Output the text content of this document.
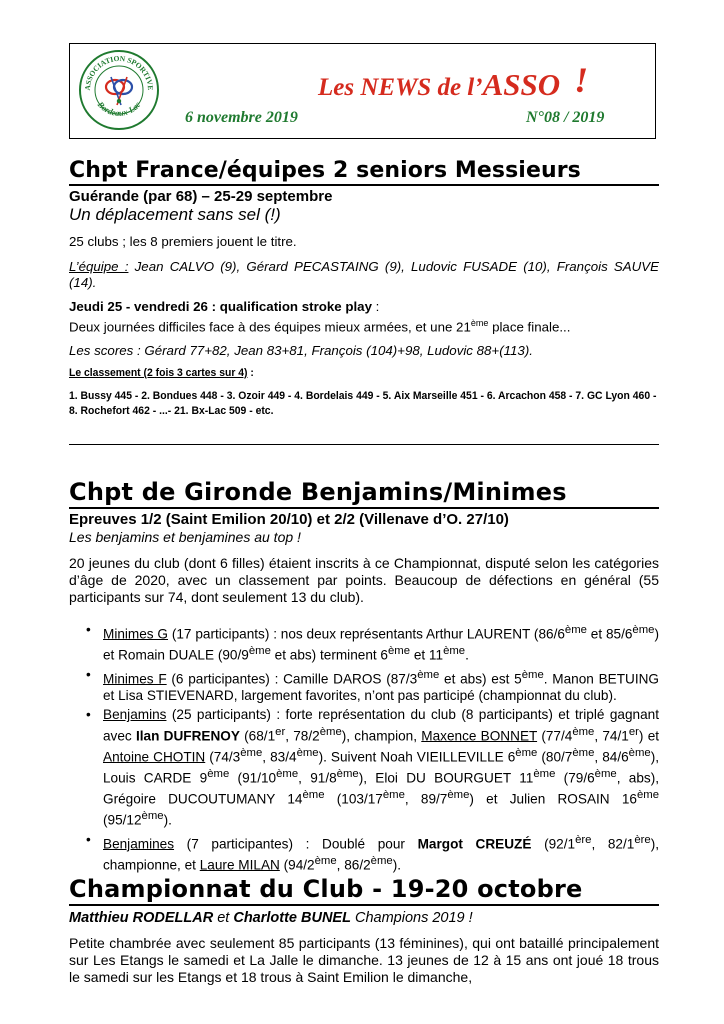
ASSOCIATION SPORTIVE
Bordeaux-Lac
Les NEWS de l’ASSO !
6 novembre 2019	N°08 / 2019
Chpt France/équipes 2 seniors Messieurs
Guérande (par 68) – 25-29 septembre
Un déplacement sans sel (!)

25 clubs ; les 8 premiers jouent le titre.

L’équipe : Jean CALVO (9), Gérard PECASTAING (9), Ludovic FUSADE (10), François SAUVE (14).

Jeudi 25 - vendredi 26 : qualification stroke play :
Deux journées difficiles face à des équipes mieux armées, et une 21ème place finale...

Les scores : Gérard 77+82, Jean 83+81, François (104)+98, Ludovic 88+(113).

Le classement (2 fois 3 cartes sur 4) :
1. Bussy 445 - 2. Bondues 448 - 3. Ozoir 449 - 4. Bordelais 449 - 5. Aix Marseille 451 - 6. Arcachon 458 - 7. GC Lyon 460 - 8. Rochefort 462 - ...- 21. Bx-Lac 509 - etc.
Chpt de Gironde Benjamins/Minimes
Epreuves 1/2 (Saint Emilion 20/10) et 2/2 (Villenave d’O. 27/10)
Les benjamins et benjamines au top !

20 jeunes du club (dont 6 filles) étaient inscrits à ce Championnat, disputé selon les catégories d’âge de 2020, avec un classement par points. Beaucoup de défections en général (55 participants sur 74, dont seulement 13 du club).

• Minimes G (17 participants) : nos deux représentants Arthur LAURENT (86/6ème et 85/6ème) et Romain DUALE (90/9ème et abs) terminent 6ème et 11ème.
• Minimes F (6 participantes) : Camille DAROS (87/3ème et abs) est 5ème. Manon BETUING et Lisa STIEVENARD, largement favorites, n’ont pas participé (championnat du club).
• Benjamins (25 participants) : forte représentation du club (8 participants) et triplé gagnant avec Ilan DUFRENOY (68/1er, 78/2ème), champion, Maxence BONNET (77/4ème, 74/1er) et Antoine CHOTIN (74/3ème, 83/4ème). Suivent Noah VIEILLEVILLE 6ème (80/7ème, 84/6ème), Louis CARDE 9ème (91/10ème, 91/8ème), Eloi DU BOURGUET 11ème (79/6ème, abs), Grégoire DUCOUTUMANY 14ème (103/17ème, 89/7ème) et Julien ROSAIN 16ème (95/12ème).
• Benjamines (7 participantes) : Doublé pour Margot CREUZÉ (92/1ère, 82/1ère), championne, et Laure MILAN (94/2ème, 86/2ème).
Championnat du Club - 19-20 octobre
Matthieu RODELLAR et Charlotte BUNEL Champions 2019 !

Petite chambrée avec seulement 85 participants (13 féminines), qui ont bataillé principalement sur Les Etangs le samedi et La Jalle le dimanche. 13 jeunes de 12 à 15 ans ont joué 18 trous le samedi sur les Etangs et 18 trous à Saint Emilion le dimanche,
